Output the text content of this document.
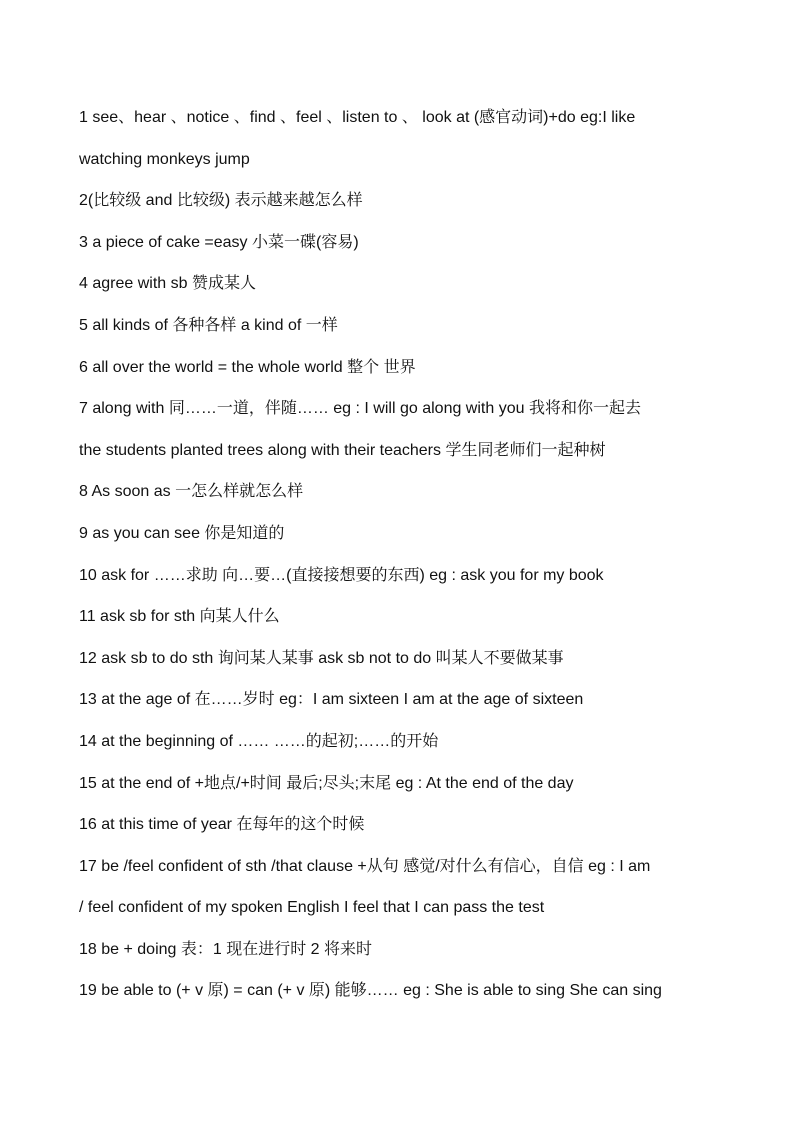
1 see、hear 、notice 、find 、feel 、listen to 、 look at (感官动词)+do eg:I like
watching monkeys jump
2(比较级 and 比较级) 表示越来越怎么样
3 a piece of cake =easy 小菜一碟(容易)
4 agree with sb 赞成某人
5 all kinds of 各种各样 a kind of 一样
6 all over the world = the whole world 整个 世界
7 along with 同……一道，伴随…… eg : I will go along with you 我将和你一起去
the students planted trees along with their teachers 学生同老师们一起种树
8 As soon as 一怎么样就怎么样
9 as you can see 你是知道的
10 ask for ……求助 向…要…(直接接想要的东西) eg : ask you for my book
11 ask sb for sth 向某人什么
12 ask sb to do sth 询问某人某事 ask sb not to do 叫某人不要做某事
13 at the age of 在……岁时 eg：I am sixteen I am at the age of sixteen
14 at the beginning of …… ……的起初;……的开始
15 at the end of +地点/+时间 最后;尽头;末尾 eg : At the end of the day
16 at this time of year 在每年的这个时候
17 be /feel confident of sth /that clause +从句 感觉/对什么有信心，自信 eg : I am
/ feel confident of my spoken English I feel that I can pass the test
18 be + doing 表：1 现在进行时 2 将来时
19 be able to (+ v 原) = can (+ v 原) 能够…… eg : She is able to sing She can sing
